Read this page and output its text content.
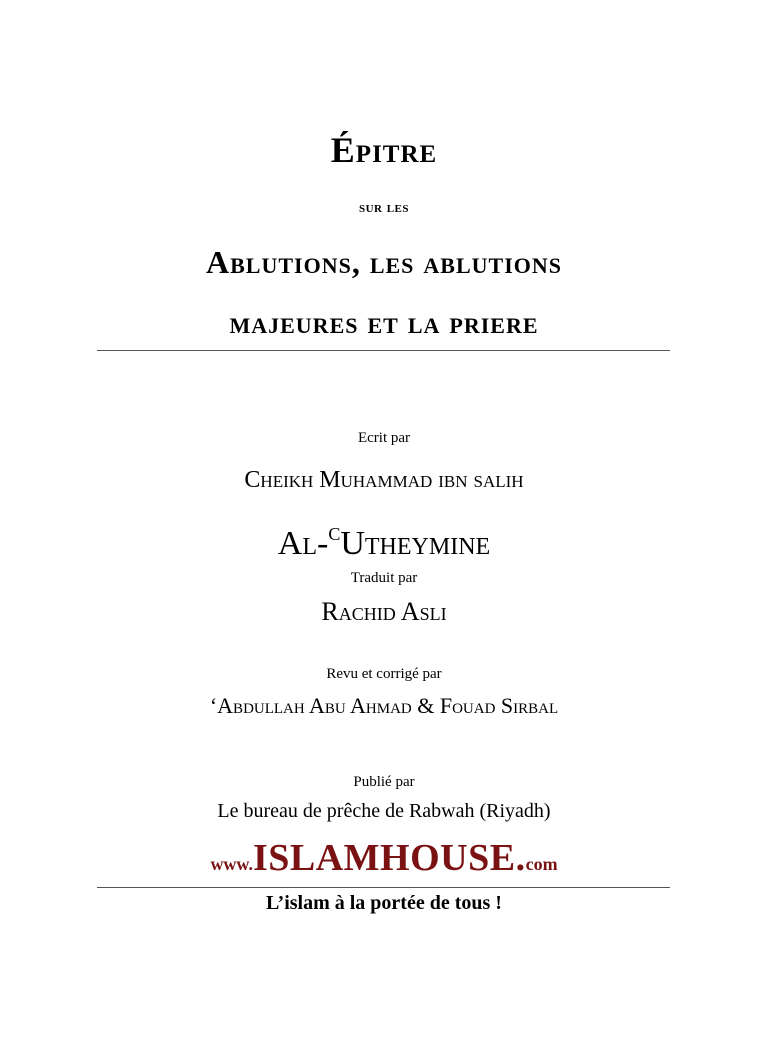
Épitre
sur les
Ablutions, les ablutions
majeures et la priere
Ecrit par
Cheikh Muhammad ibn salih
Al-$^C$Utheymine
Traduit par
Rachid Asli
Revu et corrigé par
‘Abdullah Abu Ahmad & Fouad Sirbal
Publié par
Le bureau de prêche de Rabwah (Riyadh)
www.ISLAMHOUSE.com
L’islam à la portée de tous !
